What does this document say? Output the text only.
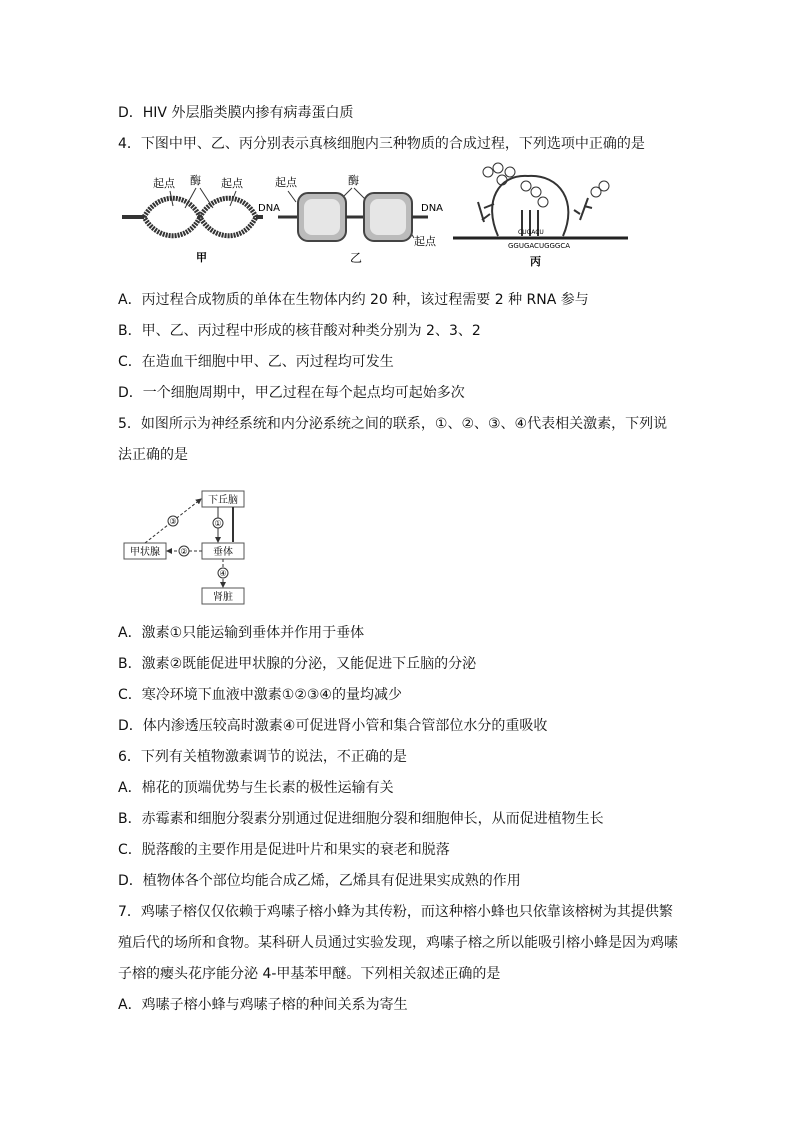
D．HIV 外层脂类膜内掺有病毒蛋白质
4．下图中甲、乙、丙分别表示真核细胞内三种物质的合成过程，下列选项中正确的是
起点 酶 起点
甲
起点	酶
DNA	DNA
起点
乙
CUGACU
GGUGACUGGGCA
丙
A．丙过程合成物质的单体在生物体内约 20 种，该过程需要 2 种 RNA 参与
B．甲、乙、丙过程中形成的核苷酸对种类分别为 2、3、2
C．在造血干细胞中甲、乙、丙过程均可发生
D．一个细胞周期中，甲乙过程在每个起点均可起始多次
5．如图所示为神经系统和内分泌系统之间的联系，①、②、③、④代表相关激素，下列说
法正确的是
下丘脑
垂体
甲状腺
肾脏
①
②
③
④
A．激素①只能运输到垂体并作用于垂体
B．激素②既能促进甲状腺的分泌，又能促进下丘脑的分泌
C．寒冷环境下血液中激素①②③④的量均减少
D．体内渗透压较高时激素④可促进肾小管和集合管部位水分的重吸收
6．下列有关植物激素调节的说法，不正确的是
A．棉花的顶端优势与生长素的极性运输有关
B．赤霉素和细胞分裂素分别通过促进细胞分裂和细胞伸长，从而促进植物生长
C．脱落酸的主要作用是促进叶片和果实的衰老和脱落
D．植物体各个部位均能合成乙烯，乙烯具有促进果实成熟的作用
7．鸡嗉子榕仅仅依赖于鸡嗉子榕小蜂为其传粉，而这种榕小蜂也只依靠该榕树为其提供繁
殖后代的场所和食物。某科研人员通过实验发现，鸡嗉子榕之所以能吸引榕小蜂是因为鸡嗉
子榕的瘿头花序能分泌 4-甲基苯甲醚。下列相关叙述正确的是
A．鸡嗉子榕小蜂与鸡嗉子榕的种间关系为寄生
